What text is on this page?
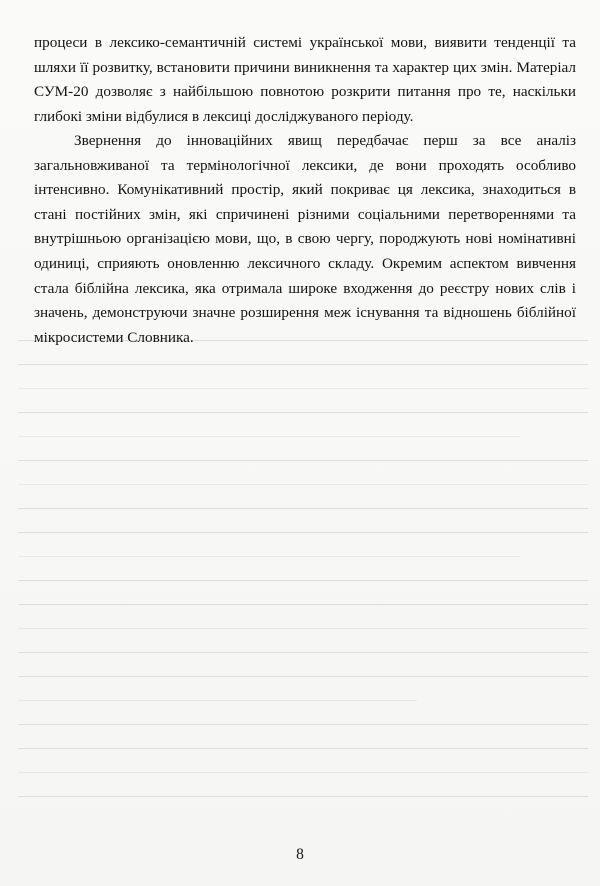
процеси в лексико-семантичній системі української мови, виявити тенденції та шляхи її розвитку, встановити причини виникнення та характер цих змін. Матеріал СУМ-20 дозволяє з найбільшою повнотою розкрити питання про те, наскільки глибокі зміни відбулися в лексиці досліджуваного періоду.

Звернення до інноваційних явищ передбачає перш за все аналіз загальновживаної та термінологічної лексики, де вони проходять особливо інтенсивно. Комунікативний простір, який покриває ця лексика, знаходиться в стані постійних змін, які спричинені різними соціальними перетвореннями та внутрішньою організацією мови, що, в свою чергу, породжують нові номінативні одиниці, сприяють оновленню лексичного складу. Окремим аспектом вивчення стала біблійна лексика, яка отримала широке входження до реєстру нових слів і значень, демонструючи значне розширення меж існування та відношень біблійної мікросистеми Словника.

8
